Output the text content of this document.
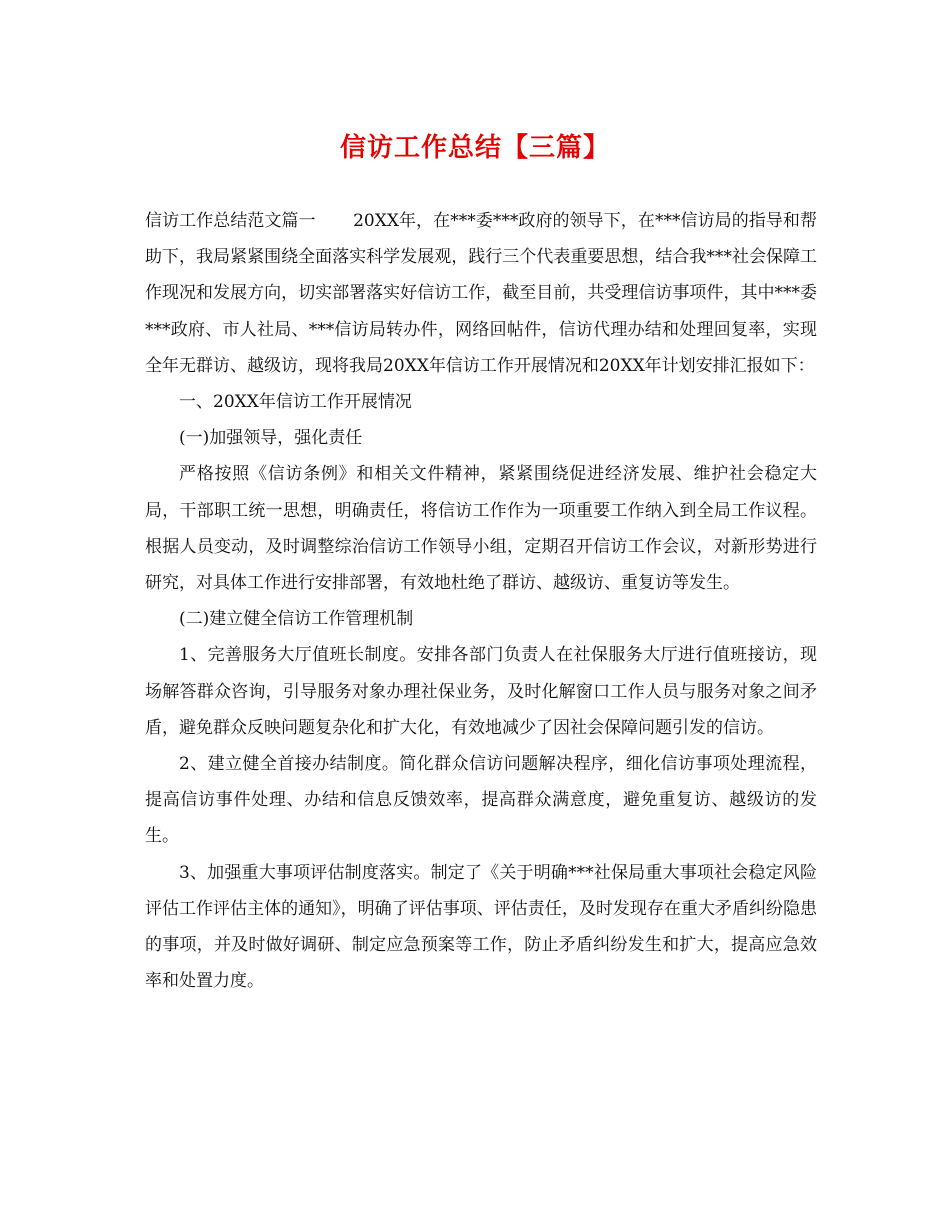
信访工作总结【三篇】

信访工作总结范文篇一 20XX年，在***委***政府的领导下，在***信访局的指导和帮助下，我局紧紧围绕全面落实科学发展观，践行三个代表重要思想，结合我***社会保障工作现况和发展方向，切实部署落实好信访工作，截至目前，共受理信访事项件，其中***委***政府、市人社局、***信访局转办件，网络回帖件，信访代理办结和处理回复率，实现全年无群访、越级访，现将我局20XX年信访工作开展情况和20XX年计划安排汇报如下：

一、20XX年信访工作开展情况

(一)加强领导，强化责任

严格按照《信访条例》和相关文件精神，紧紧围绕促进经济发展、维护社会稳定大局，干部职工统一思想，明确责任，将信访工作作为一项重要工作纳入到全局工作议程。根据人员变动，及时调整综治信访工作领导小组，定期召开信访工作会议，对新形势进行研究，对具体工作进行安排部署，有效地杜绝了群访、越级访、重复访等发生。

(二)建立健全信访工作管理机制

1、完善服务大厅值班长制度。安排各部门负责人在社保服务大厅进行值班接访，现场解答群众咨询，引导服务对象办理社保业务，及时化解窗口工作人员与服务对象之间矛盾，避免群众反映问题复杂化和扩大化，有效地减少了因社会保障问题引发的信访。

2、建立健全首接办结制度。简化群众信访问题解决程序，细化信访事项处理流程，提高信访事件处理、办结和信息反馈效率，提高群众满意度，避免重复访、越级访的发生。

3、加强重大事项评估制度落实。制定了《关于明确***社保局重大事项社会稳定风险评估工作评估主体的通知》，明确了评估事项、评估责任，及时发现存在重大矛盾纠纷隐患的事项，并及时做好调研、制定应急预案等工作，防止矛盾纠纷发生和扩大，提高应急效率和处置力度。
